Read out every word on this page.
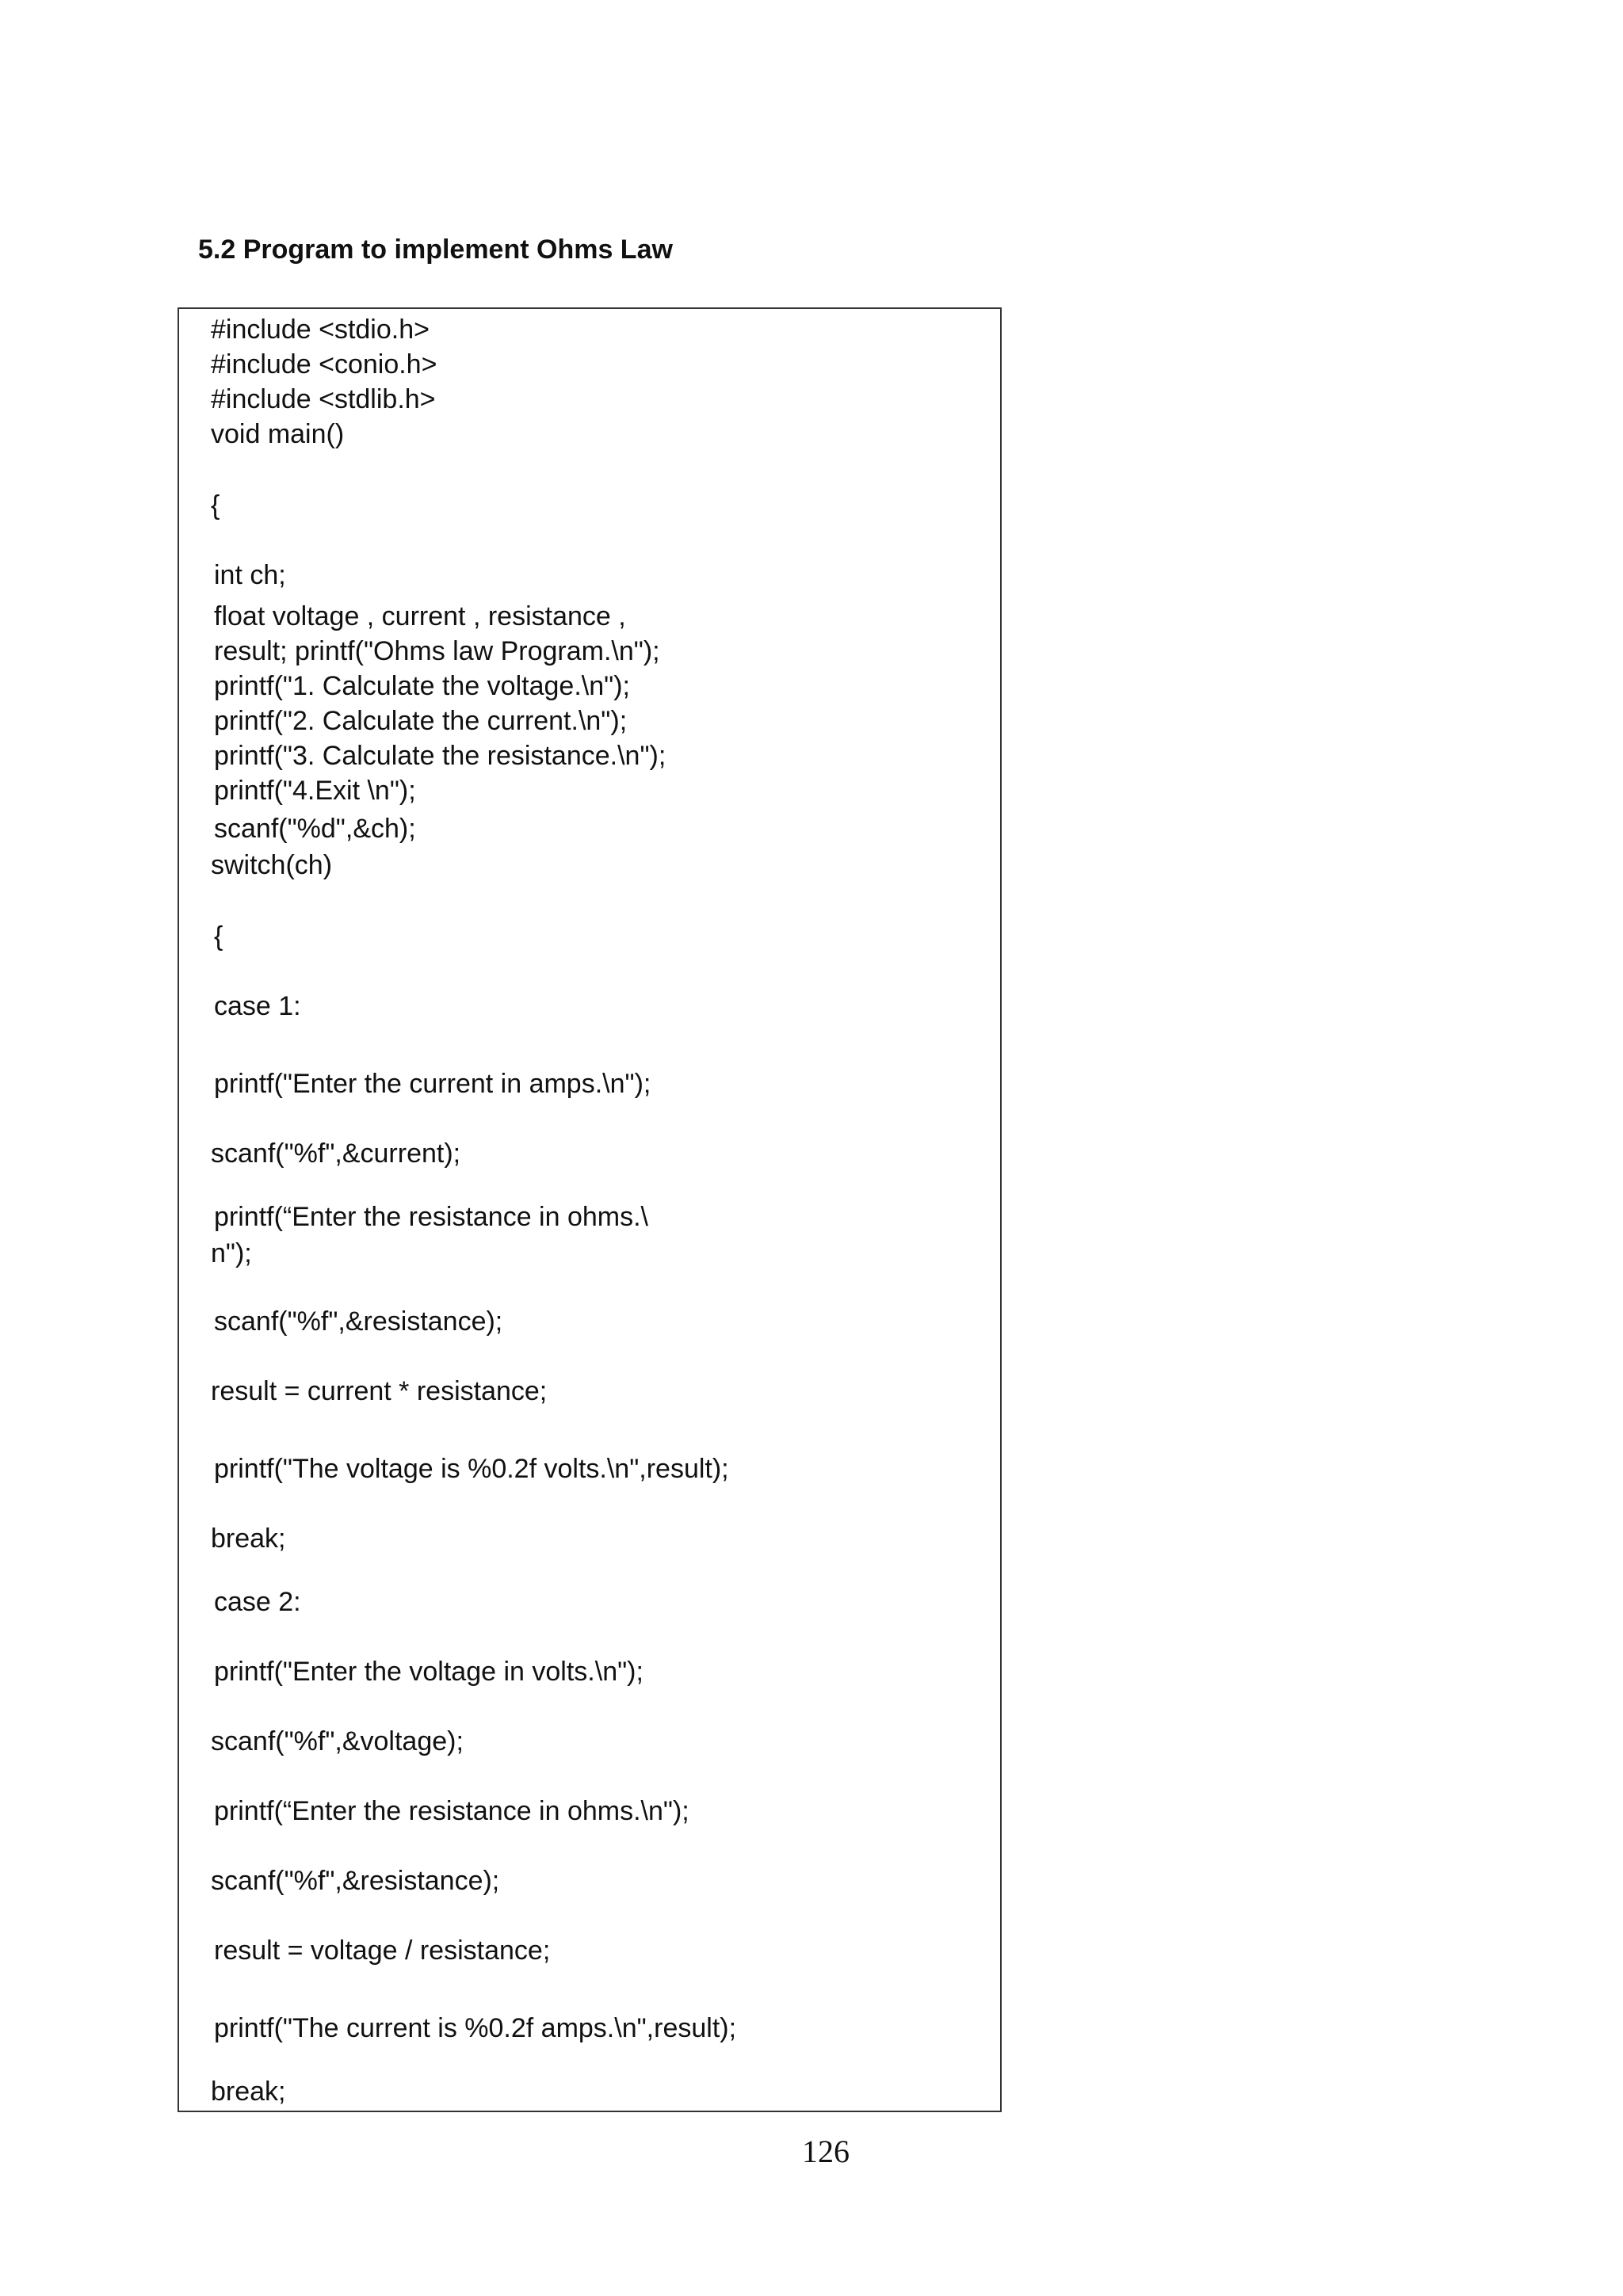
5.2 Program to implement Ohms Law
#include <stdio.h>
#include <conio.h>
#include <stdlib.h>
void main()
{
int ch;
float voltage , current , resistance ,
result; printf("Ohms law Program.\n");
printf("1. Calculate the voltage.\n");
printf("2. Calculate the current.\n");
printf("3. Calculate the resistance.\n");
printf("4.Exit \n");
scanf("%d",&ch);
switch(ch)
{
case 1:
printf("Enter the current in amps.\n");
scanf("%f",&current);
printf(“Enter the resistance in ohms.\
n");
scanf("%f",&resistance);
result = current * resistance;
printf("The voltage is %0.2f volts.\n",result);
break;
case 2:
printf("Enter the voltage in volts.\n");
scanf("%f",&voltage);
printf(“Enter the resistance in ohms.\n");
scanf("%f",&resistance);
result = voltage / resistance;
printf("The current is %0.2f amps.\n",result);
break;
126
